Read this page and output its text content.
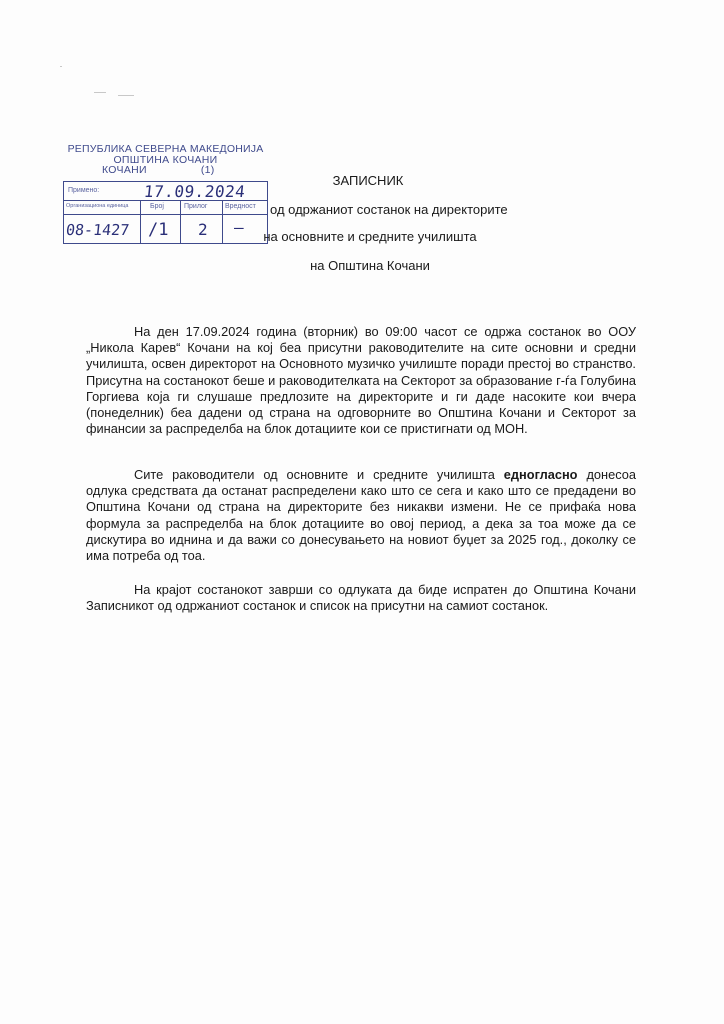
РЕПУБЛИКА СЕВЕРНА МАКЕДОНИЈА
ОПШТИНА КОЧАНИ
КОЧАНИ	(1)
Примено:	17.09.2024
Организациона единица	Број	Прилог	Вредност
08-1427 /1 2 —
ЗАПИСНИК
од одржаниот состанок на директорите
на основните и средните училишта
на Општина Кочани

На ден 17.09.2024 година (вторник) во 09:00 часот се одржа состанок во ООУ „Никола Карев“ Кочани на кој беа присутни раководителите на сите основни и средни училишта, освен директорот на Основното музичко училиште поради престој во странство. Присутна на состанокот беше и раководителката на Секторот за образование г-ѓа Голубина Горгиева која ги слушаше предлозите на директорите и ги даде насоките кои вчера (понеделник) беа дадени од страна на одговорните во Општина Кочани и Секторот за финансии за распределба на блок дотациите кои се пристигнати од МОН.

Сите раководители од основните и средните училишта едногласно донесоа одлука средствата да останат распределени како што се сега и како што се предадени во Општина Кочани од страна на директорите без никакви измени. Не се прифаќа нова формула за распределба на блок дотациите во овој период, а дека за тоа може да се дискутира во иднина и да важи со донесувањето на новиот буџет за 2025 год., доколку се има потреба од тоа.

На крајот состанокот заврши со одлуката да биде испратен до Општина Кочани Записникот од одржаниот состанок и список на присутни на самиот состанок.
